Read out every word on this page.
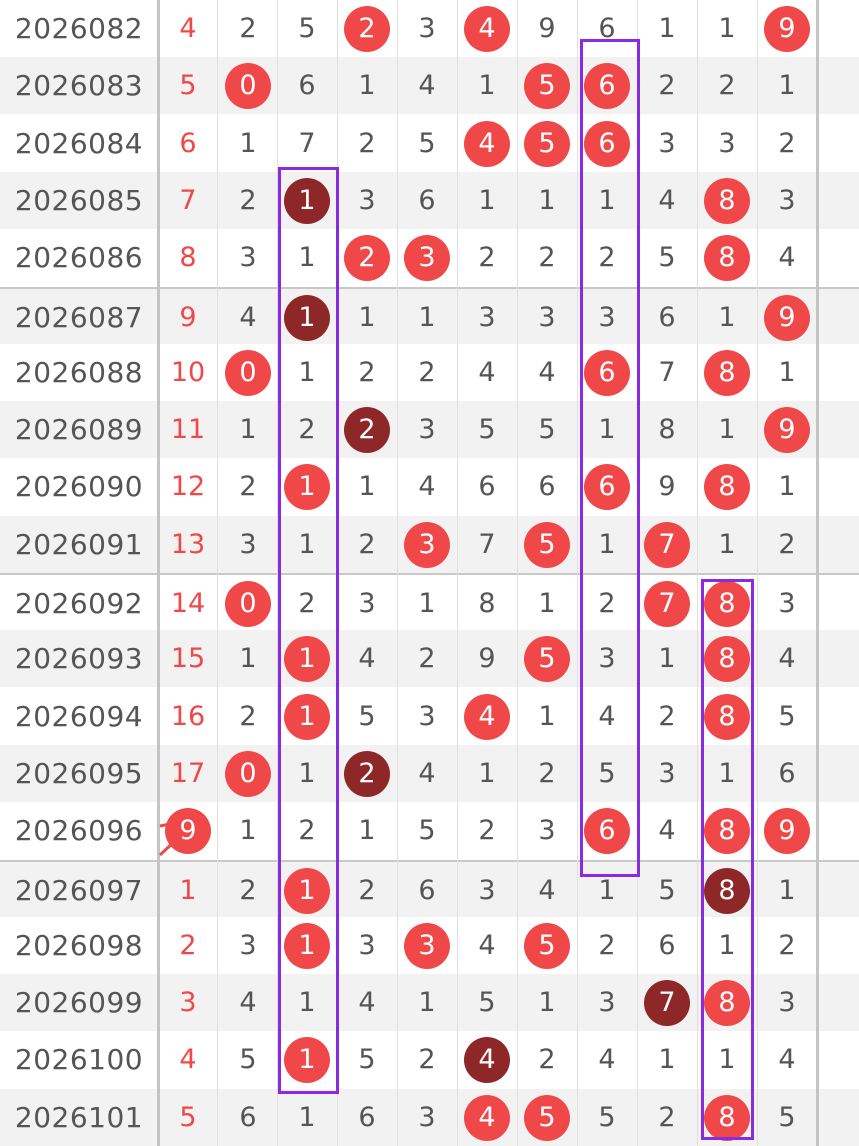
2026082	4	2	5	2	3	4	9	6	1	1	9
2026083	5	0	6	1	4	1	5	6	2	2	1
2026084	6	1	7	2	5	4	5	6	3	3	2
2026085	7	2	1	3	6	1	1	1	4	8	3
2026086	8	3	1	2	3	2	2	2	5	8	4
2026087	9	4	1	1	1	3	3	3	6	1	9
2026088	10	0	1	2	2	4	4	6	7	8	1
2026089	11	1	2	2	3	5	5	1	8	1	9
2026090	12	2	1	1	4	6	6	6	9	8	1
2026091	13	3	1	2	3	7	5	1	7	1	2
2026092	14	0	2	3	1	8	1	2	7	8	3
2026093	15	1	1	4	2	9	5	3	1	8	4
2026094	16	2	1	5	3	4	1	4	2	8	5
2026095	17	0	1	2	4	1	2	5	3	1	6
2026096	9	1	2	1	5	2	3	6	4	8	9
2026097	1	2	1	2	6	3	4	1	5	8	1
2026098	2	3	1	3	3	4	5	2	6	1	2
2026099	3	4	1	4	1	5	1	3	7	8	3
2026100	4	5	1	5	2	4	2	4	1	1	4
2026101	5	6	1	6	3	4	5	5	2	8	5
